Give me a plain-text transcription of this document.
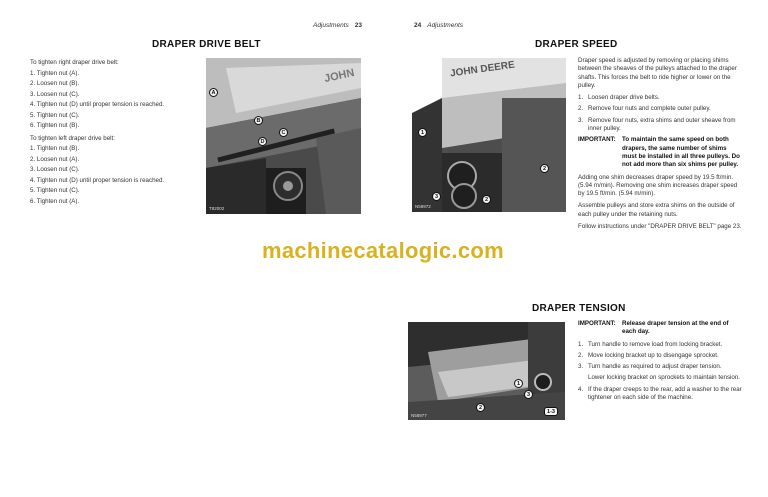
Adjustments 23
DRAPER DRIVE BELT
To tighten right draper drive belt:
1. Tighten nut (A).
2. Loosen nut (B).
3. Loosen nut (C).
4. Tighten nut (D) until proper tension is reached.
5. Tighten nut (C).
6. Tighten nut (B).
To tighten left draper drive belt:
1. Tighten nut (B).
2. Loosen nut (A).
3. Loosen nut (C).
4. Tighten nut (D) until proper tension is reached.
5. Tighten nut (C).
6. Tighten nut (A).
JOHN
A
B
C
D
T82002
24 Adjustments
DRAPER SPEED
JOHN DEERE
1
2
2
3
N58972

Draper speed is adjusted by removing or placing shims between the sheaves of the pulleys attached to the draper shafts. This forces the belt to ride higher or lower on the pulley.

1. Loosen draper drive belts.
2. Remove four nuts and complete outer pulley.
3. Remove four nuts, extra shims and outer sheave from inner pulley.
IMPORTANT:	To maintain the same speed on both drapers, the same number of shims must be installed in all three pulleys. Do not add more than six shims per pulley.

Adding one shim decreases draper speed by 19.5 ft/min. (5.94 m/min). Removing one shim increases draper speed by 19.5 ft/min. (5.94 m/min).

Assemble pulleys and store extra shims on the outside of each pulley under the retaining nuts.

Follow instructions under "DRAPER DRIVE BELT" page 23.

DRAPER TENSION
1
2
3
1-3
N58977
IMPORTANT:	Release draper tension at the end of each day.
1. Turn handle to remove load from locking bracket.
2. Move locking bracket up to disengage sprocket.
3. Turn handle as required to adjust draper tension.
Lower locking bracket on sprockets to maintain tension.
4. If the draper creeps to the rear, add a washer to the rear tightener on each side of the machine.
machinecatalogic.com
